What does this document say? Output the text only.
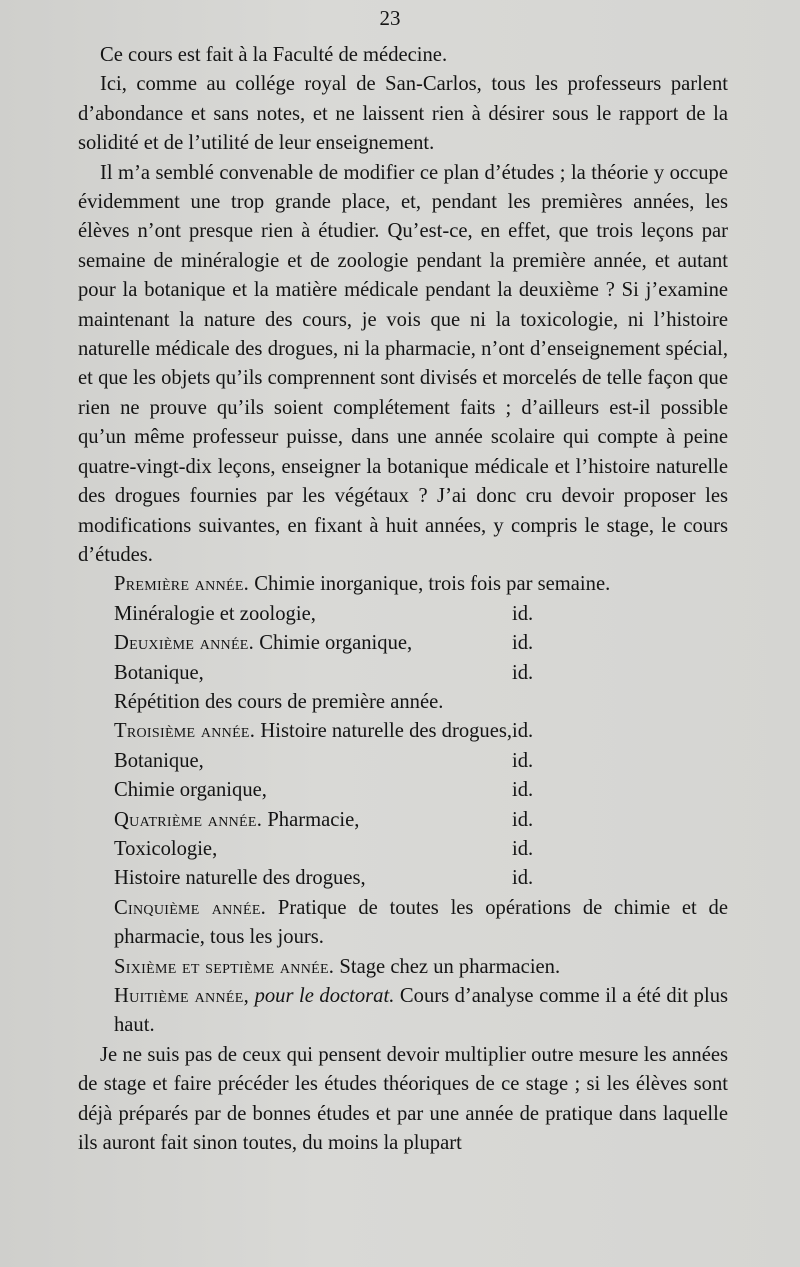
23
Ce cours est fait à la Faculté de médecine.
Ici, comme au collége royal de San-Carlos, tous les professeurs parlent d’abondance et sans notes, et ne laissent rien à désirer sous le rapport de la solidité et de l’utilité de leur enseignement.
Il m’a semblé convenable de modifier ce plan d’études ; la théorie y occupe évidemment une trop grande place, et, pendant les premières années, les élèves n’ont presque rien à étudier. Qu’est-ce, en effet, que trois leçons par semaine de minéralogie et de zoologie pendant la première année, et autant pour la botanique et la matière médicale pendant la deuxième ? Si j’examine maintenant la nature des cours, je vois que ni la toxicologie, ni l’histoire naturelle médicale des drogues, ni la pharmacie, n’ont d’enseignement spécial, et que les objets qu’ils comprennent sont divisés et morcelés de telle façon que rien ne prouve qu’ils soient complétement faits ; d’ailleurs est-il possible qu’un même professeur puisse, dans une année scolaire qui compte à peine quatre-vingt-dix leçons, enseigner la botanique médicale et l’histoire naturelle des drogues fournies par les végétaux ? J’ai donc cru devoir proposer les modifications suivantes, en fixant à huit années, y compris le stage, le cours d’études.
Première année. Chimie inorganique, trois fois par semaine.
Minéralogie et zoologie,	id.
Deuxième année. Chimie organique,	id.
Botanique,	id.
Répétition des cours de première année.
Troisième année. Histoire naturelle des drogues, id.
Botanique,	id.
Chimie organique,	id.
Quatrième année. Pharmacie,	id.
Toxicologie,	id.
Histoire naturelle des drogues,	id.
Cinquième année. Pratique de toutes les opérations de chimie et de pharmacie, tous les jours.
Sixième et septième année. Stage chez un pharmacien.
Huitième année, pour le doctorat. Cours d’analyse comme il a été dit plus haut.
Je ne suis pas de ceux qui pensent devoir multiplier outre mesure les années de stage et faire précéder les études théoriques de ce stage ; si les élèves sont déjà préparés par de bonnes études et par une année de pratique dans laquelle ils auront fait sinon toutes, du moins la plupart
